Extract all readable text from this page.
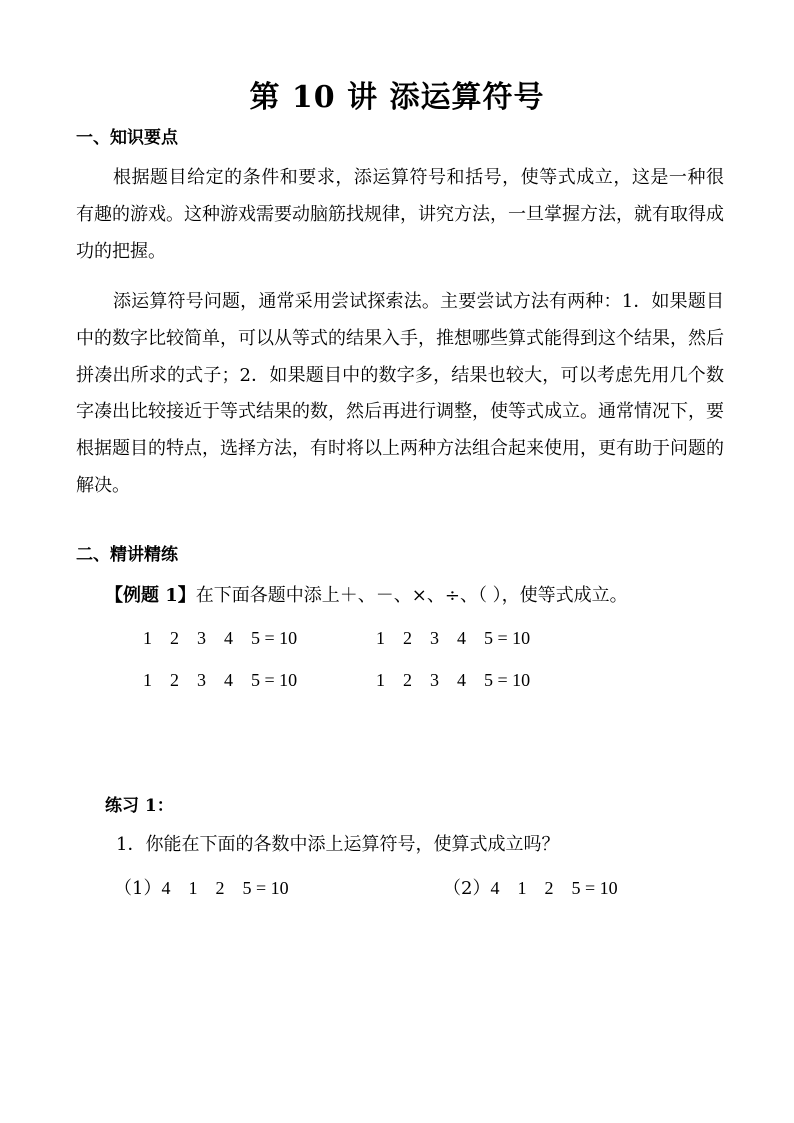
第 10 讲 添运算符号
一、知识要点
根据题目给定的条件和要求，添运算符号和括号，使等式成立，这是一种很有趣的游戏。这种游戏需要动脑筋找规律，讲究方法，一旦掌握方法，就有取得成功的把握。
添运算符号问题，通常采用尝试探索法。主要尝试方法有两种：1．如果题目中的数字比较简单，可以从等式的结果入手，推想哪些算式能得到这个结果，然后拼凑出所求的式子；2．如果题目中的数字多，结果也较大，可以考虑先用几个数字凑出比较接近于等式结果的数，然后再进行调整，使等式成立。通常情况下，要根据题目的特点，选择方法，有时将以上两种方法组合起来使用，更有助于问题的解决。
二、精讲精练
【例题 1】在下面各题中添上＋、－、×、÷、（ ），使等式成立。
1    2    3    4    5 = 10	1    2    3    4    5 = 10
1    2    3    4    5 = 10	1    2    3    4    5 = 10
练习 1：
1．你能在下面的各数中添上运算符号，使算式成立吗？
（1）4    1    2    5 = 10	（2）4    1    2    5 = 10
